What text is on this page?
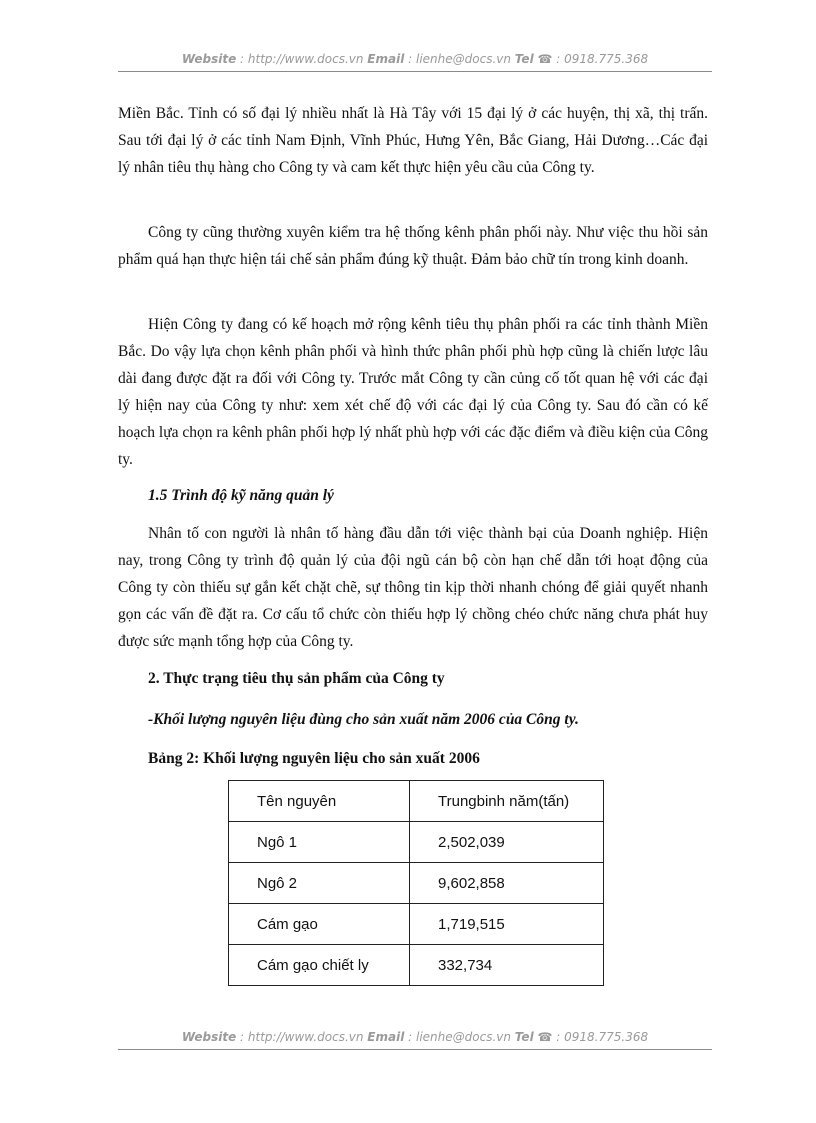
Website : http://www.docs.vn Email : lienhe@docs.vn Tel ☎ : 0918.775.368

Miền Bắc. Tỉnh có số đại lý nhiều nhất là Hà Tây với 15 đại lý ở các huyện, thị xã, thị trấn. Sau tới đại lý ở các tỉnh Nam Định, Vĩnh Phúc, Hưng Yên, Bắc Giang, Hải Dương…Các đại lý nhân tiêu thụ hàng cho Công ty và cam kết thực hiện yêu cầu của Công ty.

Công ty cũng thường xuyên kiểm tra hệ thống kênh phân phối này. Như việc thu hồi sản phẩm quá hạn thực hiện tái chế sản phẩm đúng kỹ thuật. Đảm bảo chữ tín trong kinh doanh.

Hiện Công ty đang có kế hoạch mở rộng kênh tiêu thụ phân phối ra các tỉnh thành Miền Bắc. Do vậy lựa chọn kênh phân phối và hình thức phân phối phù hợp cũng là chiến lược lâu dài đang được đặt ra đối với Công ty. Trước mắt Công ty cần củng cố tốt quan hệ với các đại lý hiện nay của Công ty như: xem xét chế độ với các đại lý của Công ty. Sau đó cần có kế hoạch lựa chọn ra kênh phân phối hợp lý nhất phù hợp với các đặc điểm và điều kiện của Công ty.

1.5 Trình độ kỹ năng quản lý

Nhân tố con người là nhân tố hàng đầu dẫn tới việc thành bại của Doanh nghiệp. Hiện nay, trong Công ty trình độ quản lý của đội ngũ cán bộ còn hạn chế dẫn tới hoạt động của Công ty còn thiếu sự gắn kết chặt chẽ, sự thông tin kịp thời nhanh chóng để giải quyết nhanh gọn các vấn đề đặt ra. Cơ cấu tổ chức còn thiếu hợp lý chồng chéo chức năng chưa phát huy được sức mạnh tổng hợp của Công ty.

2. Thực trạng tiêu thụ sản phẩm của Công ty

-Khối lượng nguyên liệu đùng cho sản xuất năm 2006 của Công ty.

Bảng 2: Khối lượng nguyên liệu cho sản xuất 2006

Tên nguyên	Trungbinh năm(tấn)
Ngô 1	2,502,039
Ngô 2	9,602,858
Cám gạo	1,719,515
Cám gạo chiết ly	332,734
Website : http://www.docs.vn Email : lienhe@docs.vn Tel ☎ : 0918.775.368
